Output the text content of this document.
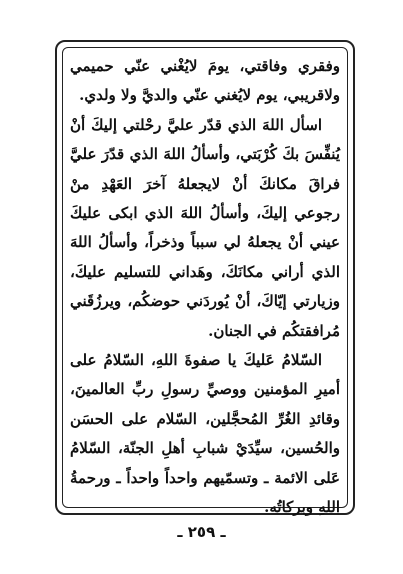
وفقري وفاقتي، يومَ لايُغْني عنّي حميمي ولاقريبي، يوم لايُغني عنّي والديَّ ولا ولدي.

اسأل اللهَ الذي قدّر عليَّ رحْلتي إليكَ أنْ يُنفِّسَ بكَ كُرْبَتي، وأسألُ اللهَ الذي قدّرَ عليَّ فراقَ مكانكَ أنْ لايجعلهُ آخرَ العَهْدِ منْ رجوعي إليكَ، وأسألُ اللهَ الذي ابكى عليكَ عيني أنْ يجعلهُ لي سبباً وذخراً، وأسألُ اللهَ الذي أراني مكانَكَ، وهَداني للتسليم عليكَ، وزيارتي إيّاكَ، أنْ يُوردَني حوضكُم، ويرزُقَني مُرافقتكُم في الجنان.

السّلامُ عَليكَ يا صفوةَ اللهِ، السّلامُ على أميرِ المؤمنين ووصيِّ رسولِ ربِّ العالمينَ، وقائدِ الغُرِّ المُحجَّلين، السّلام على الحسَن والحُسين، سيِّدَيْ شبابِ أهلِ الجنّة، السّلامُ عَلى الائمة ـ وتسمّيهم واحداً واحداً ـ ورحمةُ اللهِ وبركاتُه.

ـ ٢٥٩ ـ
